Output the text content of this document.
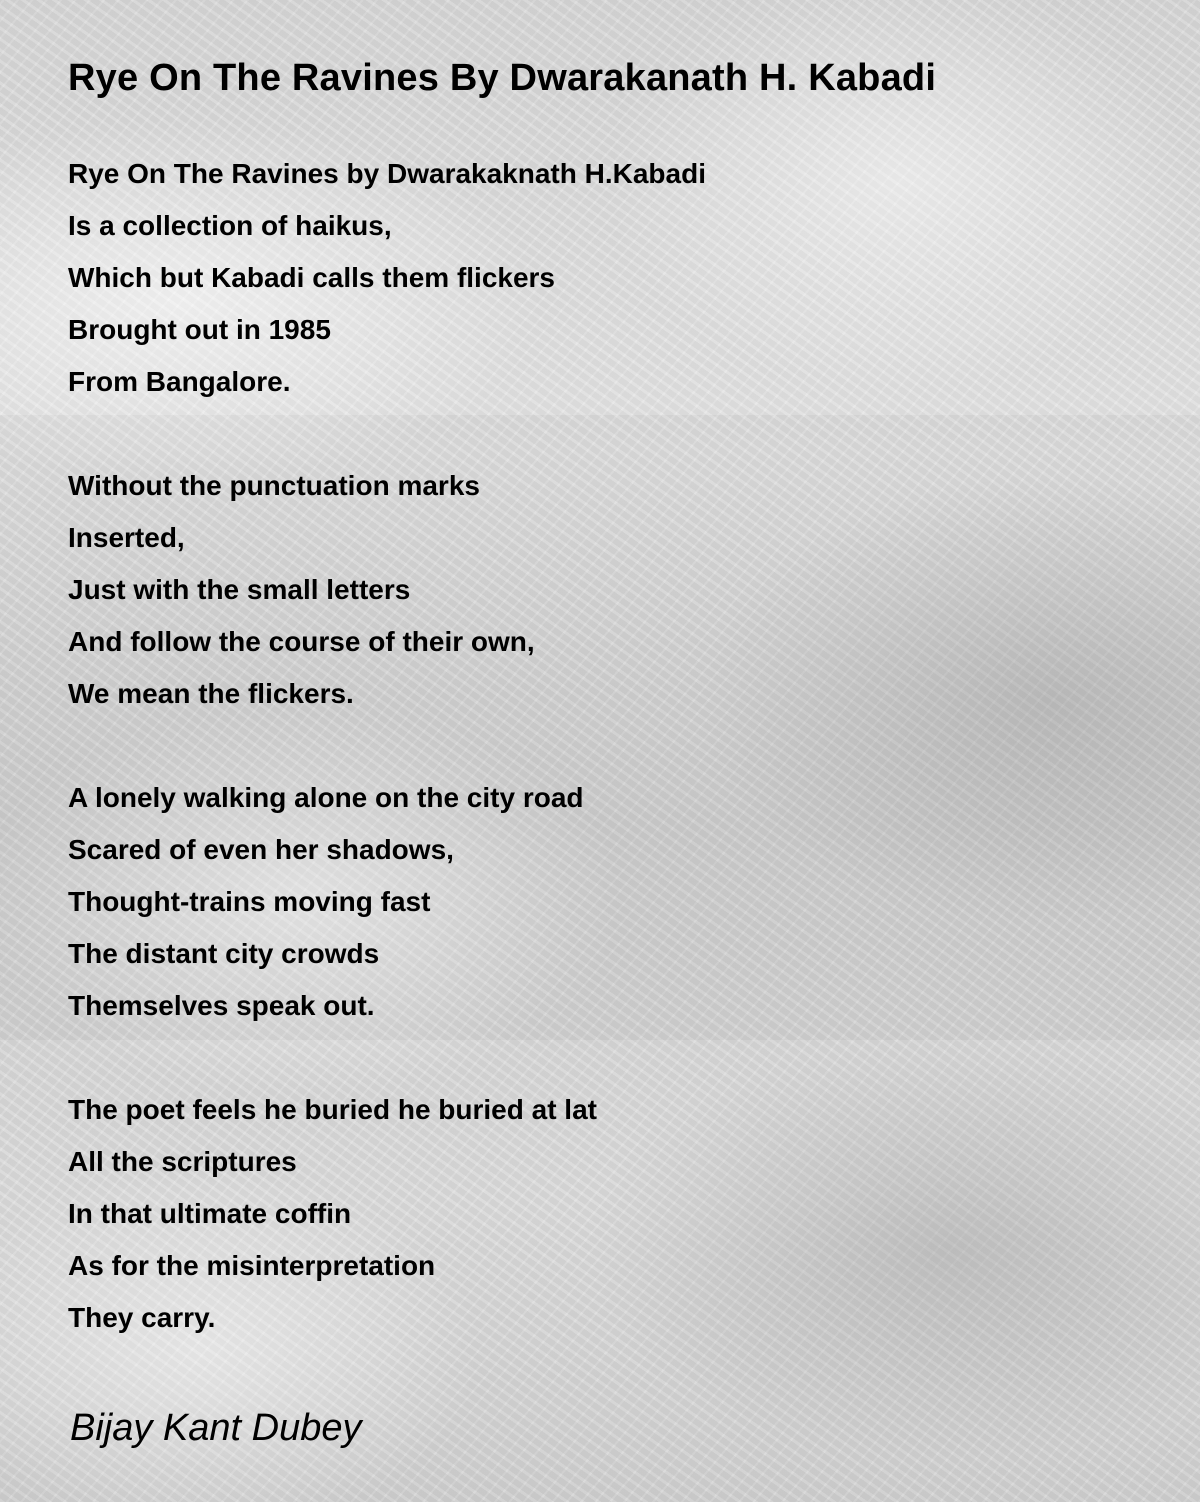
Rye On The Ravines By Dwarakanath H. Kabadi
Rye On The Ravines by Dwarakaknath H.Kabadi
Is a collection of haikus,
Which but Kabadi calls them flickers
Brought out in 1985
From Bangalore.
Without the punctuation marks
Inserted,
Just with the small letters
And follow the course of their own,
We mean the flickers.
A lonely walking alone on the city road
Scared of even her shadows,
Thought-trains moving fast
The distant city crowds
Themselves speak out.
The poet feels he buried he buried at lat
All the scriptures
In that ultimate coffin
As for the misinterpretation
They carry.

Bijay Kant Dubey
